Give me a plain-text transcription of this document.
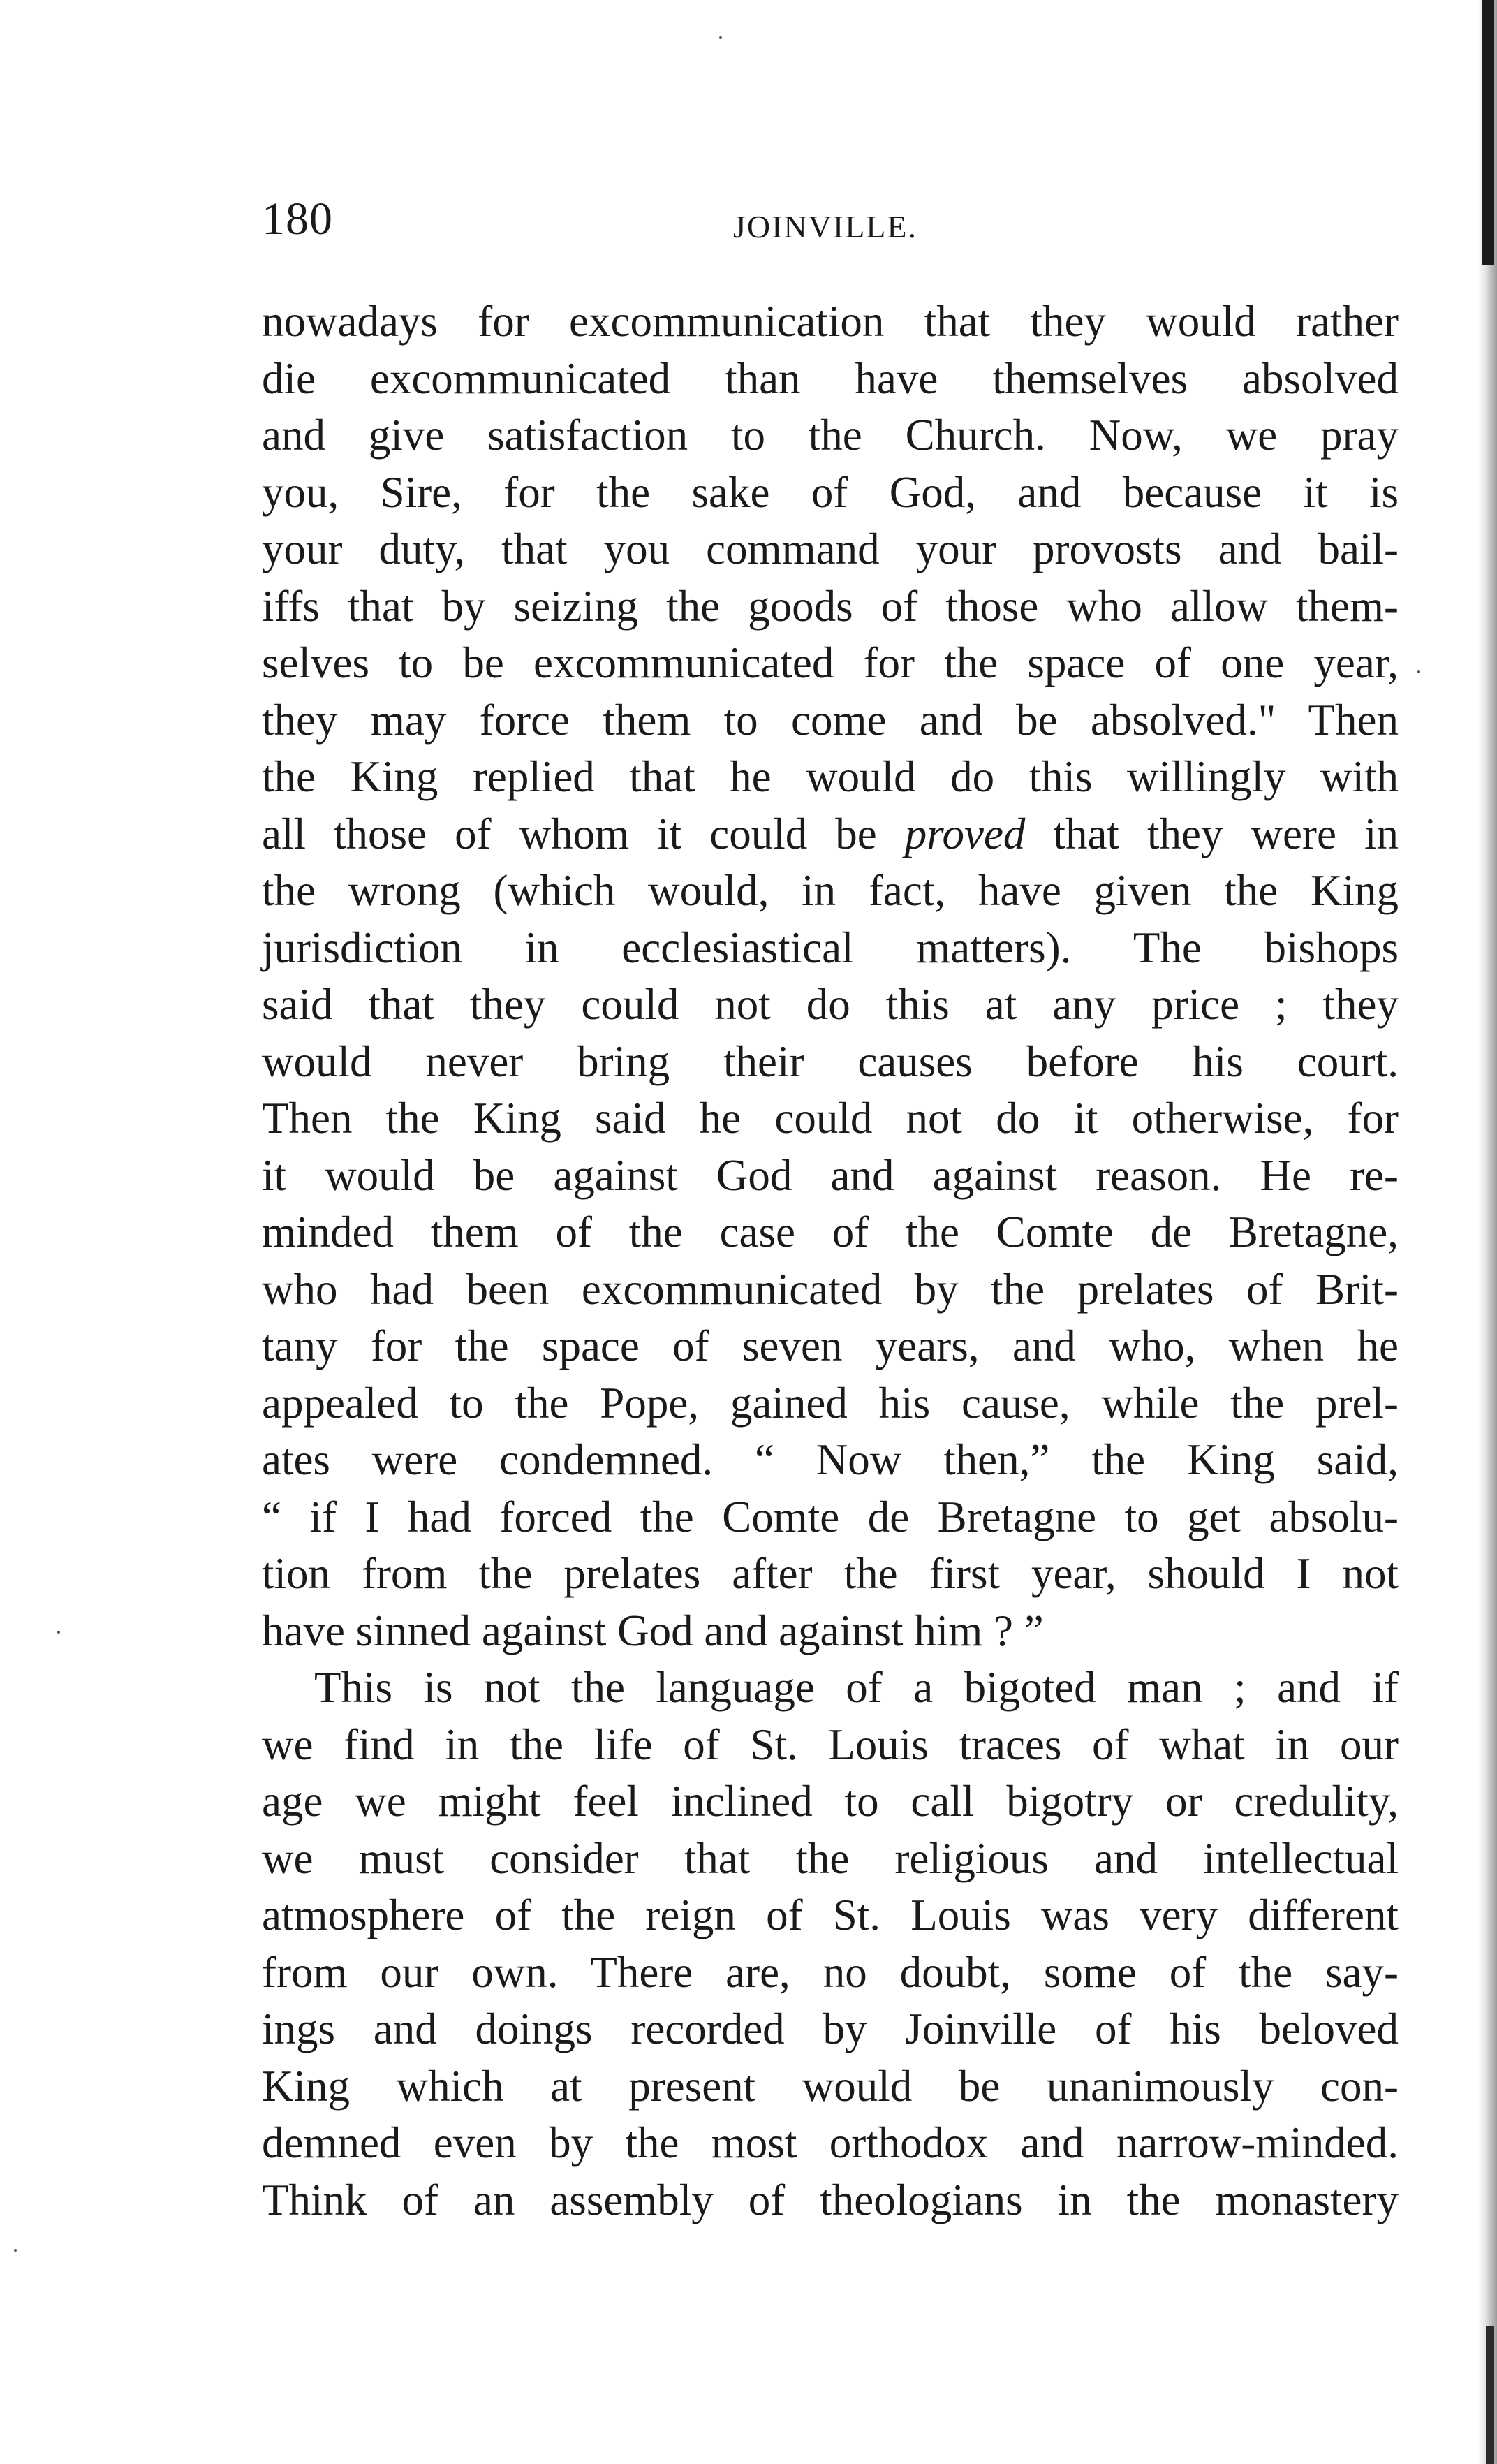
180	JOINVILLE.
nowadays for excommunication that they would rather
die excommunicated than have themselves absolved
and give satisfaction to the Church. Now, we pray
you, Sire, for the sake of God, and because it is
your duty, that you command your provosts and bail-
iffs that by seizing the goods of those who allow them-
selves to be excommunicated for the space of one year,
they may force them to come and be absolved." Then
the King replied that he would do this willingly with
all those of whom it could be proved that they were in
the wrong (which would, in fact, have given the King
jurisdiction in ecclesiastical matters). The bishops
said that they could not do this at any price ; they
would never bring their causes before his court.
Then the King said he could not do it otherwise, for
it would be against God and against reason. He re-
minded them of the case of the Comte de Bretagne,
who had been excommunicated by the prelates of Brit-
tany for the space of seven years, and who, when he
appealed to the Pope, gained his cause, while the prel-
ates were condemned. “ Now then,” the King said,
“ if I had forced the Comte de Bretagne to get absolu-
tion from the prelates after the first year, should I not
have sinned against God and against him ? ”
This is not the language of a bigoted man ; and if
we find in the life of St. Louis traces of what in our
age we might feel inclined to call bigotry or credulity,
we must consider that the religious and intellectual
atmosphere of the reign of St. Louis was very different
from our own. There are, no doubt, some of the say-
ings and doings recorded by Joinville of his beloved
King which at present would be unanimously con-
demned even by the most orthodox and narrow-minded.
Think of an assembly of theologians in the monastery
